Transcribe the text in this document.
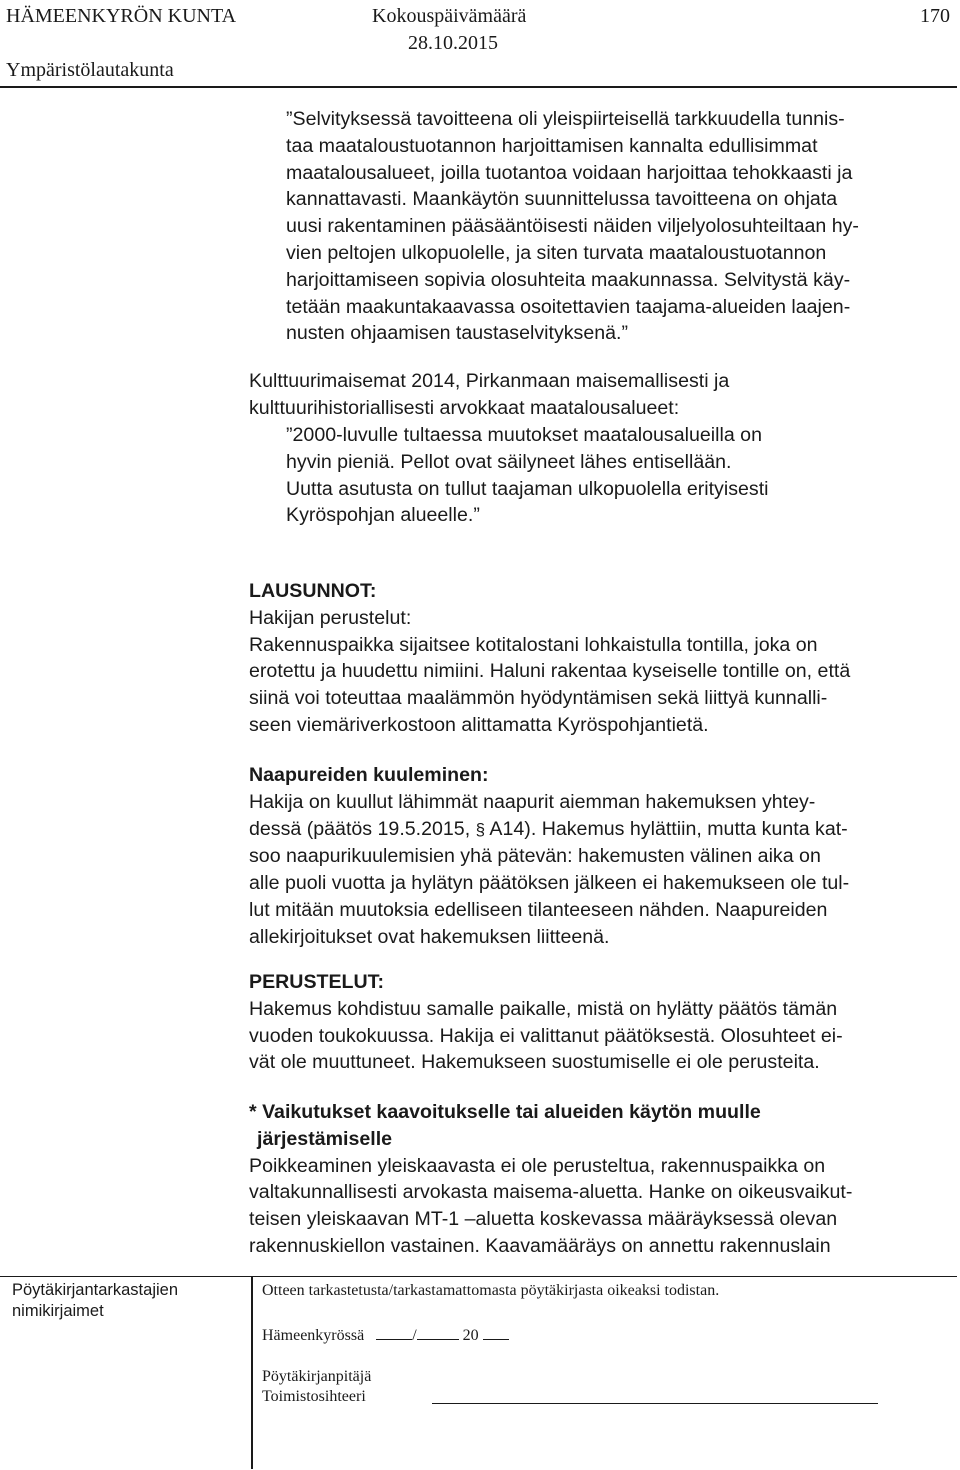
HÄMEENKYRÖN KUNTA	Kokouspäivämäärä	170
28.10.2015
Ympäristölautakunta
”Selvityksessä tavoitteena oli yleispiirteisellä tarkkuudella tunnis-
taa maataloustuotannon harjoittamisen kannalta edullisimmat
maatalousalueet, joilla tuotantoa voidaan harjoittaa tehokkaasti ja
kannattavasti. Maankäytön suunnittelussa tavoitteena on ohjata
uusi rakentaminen pääsääntöisesti näiden viljelyolosuhteiltaan hy-
vien peltojen ulkopuolelle, ja siten turvata maataloustuotannon
harjoittamiseen sopivia olosuhteita maakunnassa. Selvitystä käy-
tetään maakuntakaavassa osoitettavien taajama-alueiden laajen-
nusten ohjaamisen taustaselvityksenä.”
Kulttuurimaisemat 2014, Pirkanmaan maisemallisesti ja
kulttuurihistoriallisesti arvokkaat maatalousalueet:
”2000-luvulle tultaessa muutokset maatalousalueilla on
hyvin pieniä. Pellot ovat säilyneet lähes entisellään.
Uutta asutusta on tullut taajaman ulkopuolella erityisesti
Kyröspohjan alueelle.”
LAUSUNNOT:
Hakijan perustelut:
Rakennuspaikka sijaitsee kotitalostani lohkaistulla tontilla, joka on
erotettu ja huudettu nimiini. Haluni rakentaa kyseiselle tontille on, että
siinä voi toteuttaa maalämmön hyödyntämisen sekä liittyä kunnalli-
seen viemäriverkostoon alittamatta Kyröspohjantietä.
Naapureiden kuuleminen:
Hakija on kuullut lähimmät naapurit aiemman hakemuksen yhtey-
dessä (päätös 19.5.2015, § A14). Hakemus hylättiin, mutta kunta kat-
soo naapurikuulemisien yhä pätevän: hakemusten välinen aika on
alle puoli vuotta ja hylätyn päätöksen jälkeen ei hakemukseen ole tul-
lut mitään muutoksia edelliseen tilanteeseen nähden. Naapureiden
allekirjoitukset ovat hakemuksen liitteenä.
PERUSTELUT:
Hakemus kohdistuu samalle paikalle, mistä on hylätty päätös tämän
vuoden toukokuussa. Hakija ei valittanut päätöksestä. Olosuhteet ei-
vät ole muuttuneet. Hakemukseen suostumiselle ei ole perusteita.
* Vaikutukset kaavoitukselle tai alueiden käytön muulle
järjestämiselle
Poikkeaminen yleiskaavasta ei ole perusteltua, rakennuspaikka on
valtakunnallisesti arvokasta maisema-aluetta. Hanke on oikeusvaikut-
teisen yleiskaavan MT-1 –aluetta koskevassa määräyksessä olevan
rakennuskiellon vastainen. Kaavamääräys on annettu rakennuslain
Pöytäkirjantarkastajien
nimikirjaimet
Otteen tarkastetusta/tarkastamattomasta pöytäkirjasta oikeaksi todistan.
Hämeenkyrössä	/	20
Pöytäkirjanpitäjä
Toimistosihteeri
